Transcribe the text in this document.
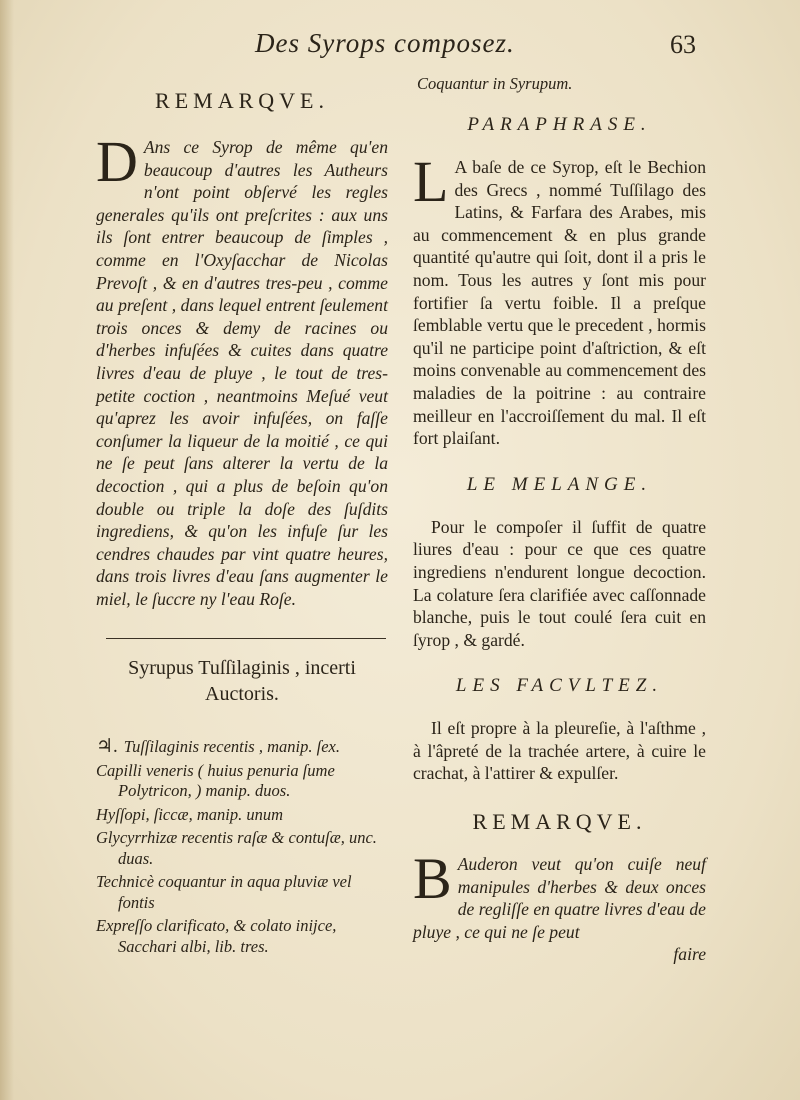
Des Syrops composez.	63

REMARQVE.

D Ans ce Syrop de même qu'en beaucoup d'autres les Autheurs n'ont point obſervé les regles generales qu'ils ont preſcrites : aux uns ils ſont entrer beaucoup de ſimples , comme en l'Oxyſacchar de Nicolas Prevoſt , & en d'autres tres-peu , comme au preſent , dans lequel entrent ſeulement trois onces & demy de racines ou d'herbes infuſées & cuites dans quatre livres d'eau de pluye , le tout de tres-petite coction , neantmoins Meſué veut qu'aprez les avoir infuſées, on faſſe conſumer la liqueur de la moitié , ce qui ne ſe peut ſans alterer la vertu de la decoction , qui a plus de beſoin qu'on double ou triple la doſe des ſuſdits ingrediens, & qu'on les infuſe ſur les cendres chaudes par vint quatre heures, dans trois livres d'eau ſans augmenter le miel, le ſuccre ny l'eau Roſe.

Syrupus Tuſſilaginis , incerti Auctoris.

♃. Tuſſilaginis recentis , manip. ſex.
Capilli veneris ( huius penuria ſume Polytricon, ) manip. duos.
Hyſſopi, ſiccæ, manip. unum
Glycyrrhizæ recentis raſæ & contuſæ, unc. duas.
Technicè coquantur in aqua pluviæ vel fontis
Expreſſo clarificato, & colato inijce, Sacchari albi, lib. tres.

Coquantur in Syrupum.

PARAPHRASE.

L A baſe de ce Syrop, eſt le Bechion des Grecs , nommé Tuſſilago des Latins, & Farfara des Arabes, mis au commencement & en plus grande quantité qu'autre qui ſoit, dont il a pris le nom. Tous les autres y ſont mis pour fortifier ſa vertu foible. Il a preſque ſemblable vertu que le precedent , hormis qu'il ne participe point d'aſtriction, & eſt moins convenable au commencement des maladies de la poitrine : au contraire meilleur en l'accroiſſement du mal. Il eſt fort plaiſant.

LE MELANGE.

Pour le compoſer il ſuffit de quatre liures d'eau : pour ce que ces quatre ingrediens n'endurent longue decoction. La colature ſera clarifiée avec caſſonnade blanche, puis le tout coulé ſera cuit en ſyrop , & gardé.

LES FACVLTEZ.

Il eſt propre à la pleureſie, à l'aſthme , à l'âpreté de la trachée artere, à cuire le crachat, à l'attirer & expulſer.

REMARQVE.

B Auderon veut qu'on cuiſe neuf manipules d'herbes & deux onces de regliſſe en quatre livres d'eau de pluye , ce qui ne ſe peut

faire
